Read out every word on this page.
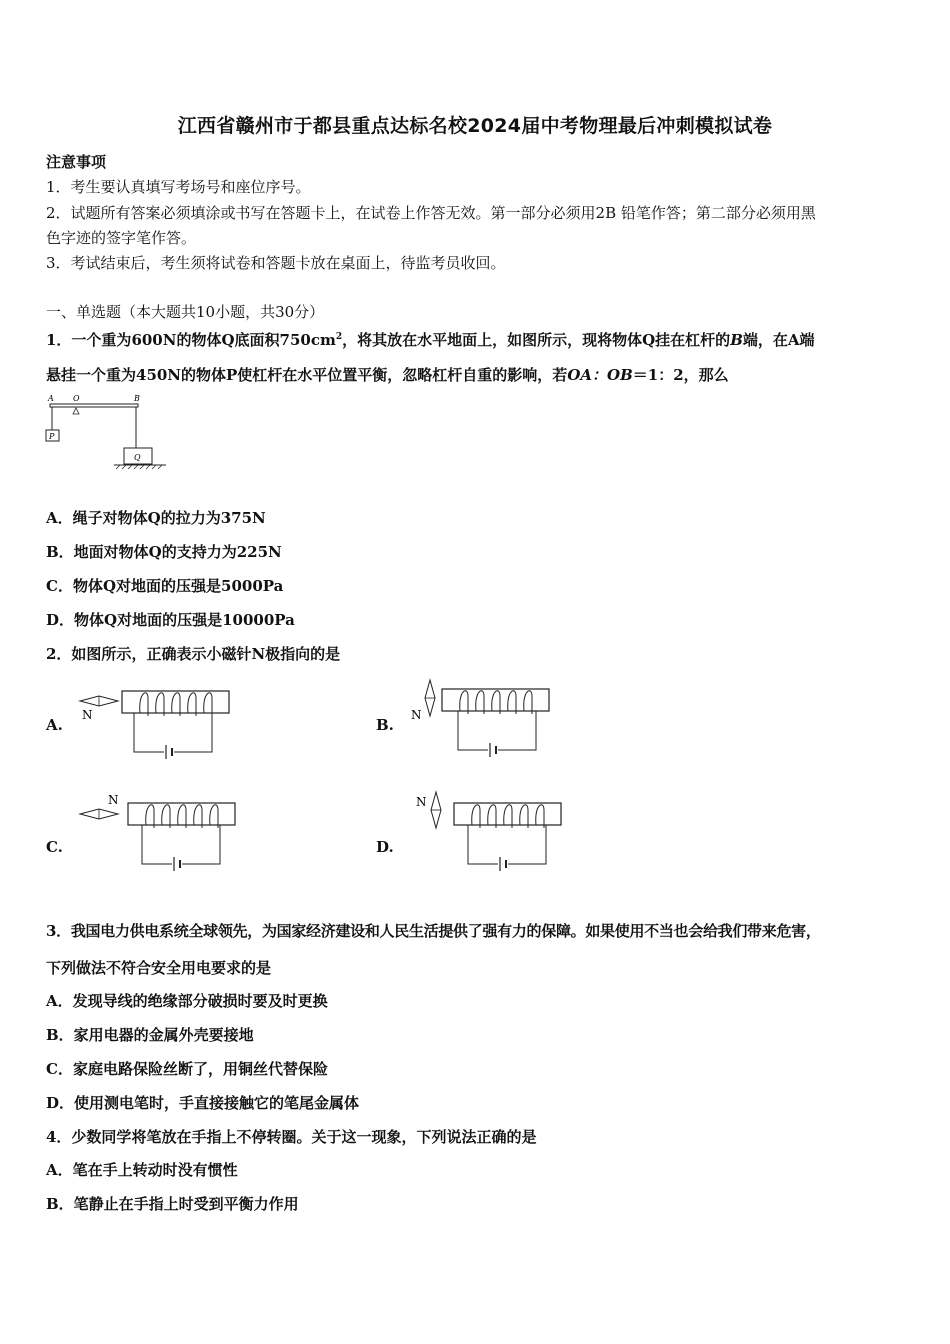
江西省赣州市于都县重点达标名校2024届中考物理最后冲刺模拟试卷
注意事项
1．考生要认真填写考场号和座位序号。
2．试题所有答案必须填涂或书写在答题卡上，在试卷上作答无效。第一部分必须用2B 铅笔作答；第二部分必须用黑
色字迹的签字笔作答。
3．考试结束后，考生须将试卷和答题卡放在桌面上，待监考员收回。
一、单选题（本大题共10小题，共30分）
1．一个重为600N的物体Q底面积$750cm^2$，将其放在水平地面上，如图所示，现将物体Q挂在杠杆的B端，在A端
悬挂一个重为450N的物体P使杠杆在水平位置平衡，忽略杠杆自重的影响，若OA：OB＝1：2，那么
A O	B
P
Q
A．绳子对物体Q的拉力为375N
B．地面对物体Q的支持力为225N
C．物体Q对地面的压强是5000Pa
D．物体Q对地面的压强是10000Pa
2．如图所示，正确表示小磁针N极指向的是
A.	B.
C.	D.
N	N
N	N
3．我国电力供电系统全球领先，为国家经济建设和人民生活提供了强有力的保障。如果使用不当也会给我们带来危害，
下列做法不符合安全用电要求的是
A．发现导线的绝缘部分破损时要及时更换
B．家用电器的金属外壳要接地
C．家庭电路保险丝断了，用铜丝代替保险
D．使用测电笔时，手直接接触它的笔尾金属体
4．少数同学将笔放在手指上不停转圈。关于这一现象，下列说法正确的是
A．笔在手上转动时没有惯性
B．笔静止在手指上时受到平衡力作用
